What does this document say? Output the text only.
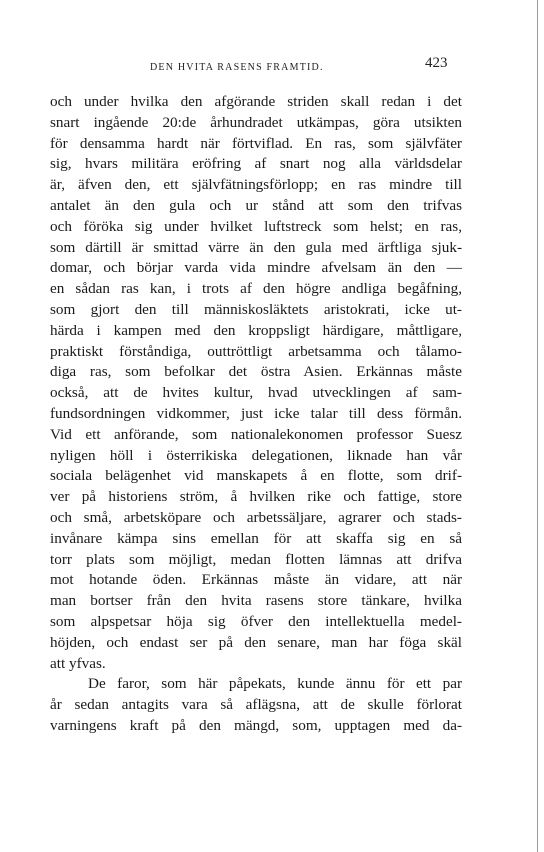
DEN HVITA RASENS FRAMTID.	423
och under hvilka den afgörande striden skall redan i det
snart ingående 20:de århundradet utkämpas, göra utsikten
för densamma hardt när förtviflad. En ras, som självfäter
sig, hvars militära eröfring af snart nog alla världsdelar
är, äfven den, ett självfätningsförlopp; en ras mindre till
antalet än den gula och ur stånd att som den trifvas
och föröka sig under hvilket luftstreck som helst; en ras,
som därtill är smittad värre än den gula med ärftliga sjuk-
domar, och börjar varda vida mindre afvelsam än den —
en sådan ras kan, i trots af den högre andliga begåfning,
som gjort den till människosläktets aristokrati, icke ut-
härda i kampen med den kroppsligt härdigare, måttligare,
praktiskt förståndiga, outtröttligt arbetsamma och tålamo-
diga ras, som befolkar det östra Asien. Erkännas måste
också, att de hvites kultur, hvad utvecklingen af sam-
fundsordningen vidkommer, just icke talar till dess förmån.
Vid ett anförande, som nationalekonomen professor Suesz
nyligen höll i österrikiska delegationen, liknade han vår
sociala belägenhet vid manskapets å en flotte, som drif-
ver på historiens ström, å hvilken rike och fattige, store
och små, arbetsköpare och arbetssäljare, agrarer och stads-
invånare kämpa sins emellan för att skaffa sig en så
torr plats som möjligt, medan flotten lämnas att drifva
mot hotande öden. Erkännas måste än vidare, att när
man bortser från den hvita rasens store tänkare, hvilka
som alpspetsar höja sig öfver den intellektuella medel-
höjden, och endast ser på den senare, man har föga skäl
att yfvas.
De faror, som här påpekats, kunde ännu för ett par
år sedan antagits vara så aflägsna, att de skulle förlorat
varningens kraft på den mängd, som, upptagen med da-
